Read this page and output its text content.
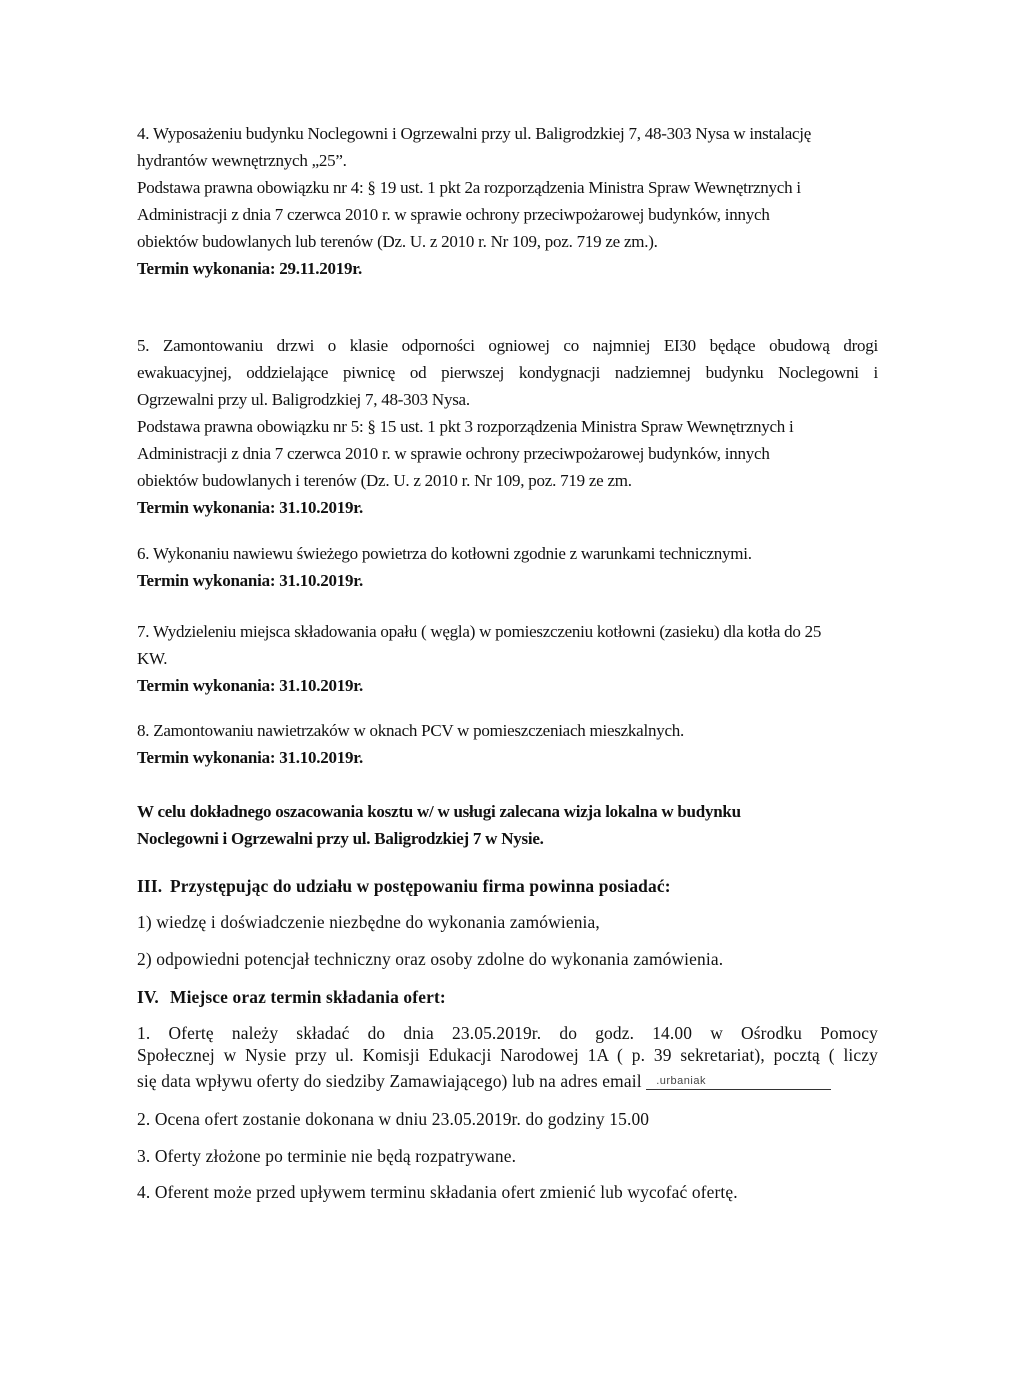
4. Wyposażeniu budynku Noclegowni i Ogrzewalni przy ul. Baligrodzkiej 7, 48-303 Nysa w instalację
hydrantów wewnętrznych „25”.
Podstawa prawna obowiązku nr 4: § 19 ust. 1 pkt 2a rozporządzenia Ministra Spraw Wewnętrznych i
Administracji z dnia 7 czerwca 2010 r. w sprawie ochrony przeciwpożarowej budynków, innych
obiektów budowlanych lub terenów (Dz. U. z 2010 r. Nr 109, poz. 719 ze zm.).
Termin wykonania: 29.11.2019r.
5. Zamontowaniu drzwi o klasie odporności ogniowej co najmniej EI30 będące obudową drogi
ewakuacyjnej, oddzielające piwnicę od pierwszej kondygnacji nadziemnej budynku Noclegowni i
Ogrzewalni przy ul. Baligrodzkiej 7, 48-303 Nysa.
Podstawa prawna obowiązku nr 5: § 15 ust. 1 pkt 3 rozporządzenia Ministra Spraw Wewnętrznych i
Administracji z dnia 7 czerwca 2010 r. w sprawie ochrony przeciwpożarowej budynków, innych
obiektów budowlanych i terenów (Dz. U. z 2010 r. Nr 109, poz. 719 ze zm.
Termin wykonania: 31.10.2019r.
6. Wykonaniu nawiewu świeżego powietrza do kotłowni zgodnie z warunkami technicznymi.
Termin wykonania: 31.10.2019r.
7. Wydzieleniu miejsca składowania opału ( węgla) w pomieszczeniu kotłowni (zasieku) dla kotła do 25
KW.
Termin wykonania: 31.10.2019r.
8. Zamontowaniu nawietrzaków w oknach PCV w pomieszczeniach mieszkalnych.
Termin wykonania: 31.10.2019r.
W celu dokładnego oszacowania kosztu w/ w usługi zalecana wizja lokalna w budynku
Noclegowni i Ogrzewalni przy ul. Baligrodzkiej 7 w Nysie.
III. Przystępując do udziału w postępowaniu firma powinna posiadać:
1) wiedzę i doświadczenie niezbędne do wykonania zamówienia,
2) odpowiedni potencjał techniczny oraz osoby zdolne do wykonania zamówienia.
IV. Miejsce oraz termin składania ofert:
1. Ofertę należy składać do dnia 23.05.2019r. do godz. 14.00 w Ośrodku Pomocy
Społecznej w Nysie przy ul. Komisji Edukacji Narodowej 1A ( p. 39 sekretariat), pocztą ( liczy
się data wpływu oferty do siedziby Zamawiającego) lub na adres email .urbaniak
2. Ocena ofert zostanie dokonana w dniu 23.05.2019r. do godziny 15.00
3. Oferty złożone po terminie nie będą rozpatrywane.
4. Oferent może przed upływem terminu składania ofert zmienić lub wycofać ofertę.
